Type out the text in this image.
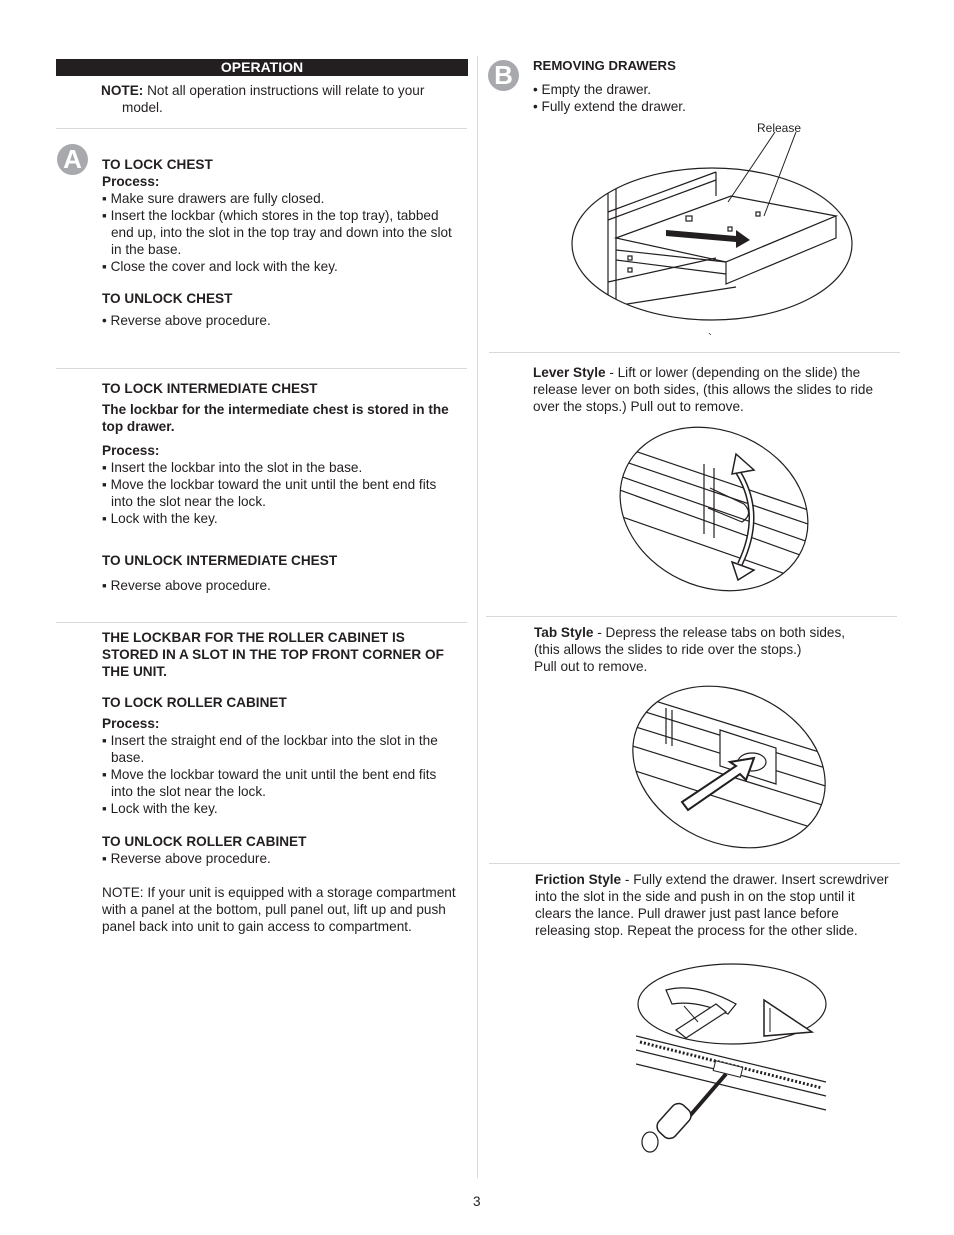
OPERATION
NOTE: Not all operation instructions will relate to your
model.
A	TO LOCK CHEST
Process:
▪ Make sure drawers are fully closed.
▪ Insert the lockbar (which stores in the top tray), tabbed
end up, into the slot in the top tray and down into the slot
in the base.
▪ Close the cover and lock with the key.
TO UNLOCK CHEST
• Reverse above procedure.
TO LOCK INTERMEDIATE CHEST
The lockbar for the intermediate chest is stored in the
top drawer.
Process:
▪ Insert the lockbar into the slot in the base.
▪ Move the lockbar toward the unit until the bent end fits
into the slot near the lock.
▪ Lock with the key.
TO UNLOCK INTERMEDIATE CHEST
▪ Reverse above procedure.
THE LOCKBAR FOR THE ROLLER CABINET IS
STORED IN A SLOT IN THE TOP FRONT CORNER OF
THE UNIT.
TO LOCK ROLLER CABINET
Process:
▪ Insert the straight end of the lockbar into the slot in the
base.
▪ Move the lockbar toward the unit until the bent end fits
into the slot near the lock.
▪ Lock with the key.
TO UNLOCK ROLLER CABINET
▪ Reverse above procedure.
NOTE: If your unit is equipped with a storage compartment
with a panel at the bottom, pull panel out, lift up and push
panel back into unit to gain access to compartment.
B	REMOVING DRAWERS
• Empty the drawer.
• Fully extend the drawer.
Release
`
Lever Style - Lift or lower (depending on the slide) the
release lever on both sides, (this allows the slides to ride
over the stops.) Pull out to remove.
Tab Style - Depress the release tabs on both sides,
(this allows the slides to ride over the stops.)
Pull out to remove.
Friction Style - Fully extend the drawer. Insert screwdriver
into the slot in the side and push in on the stop until it
clears the lance. Pull drawer just past lance before
releasing stop. Repeat the process for the other slide.
3
